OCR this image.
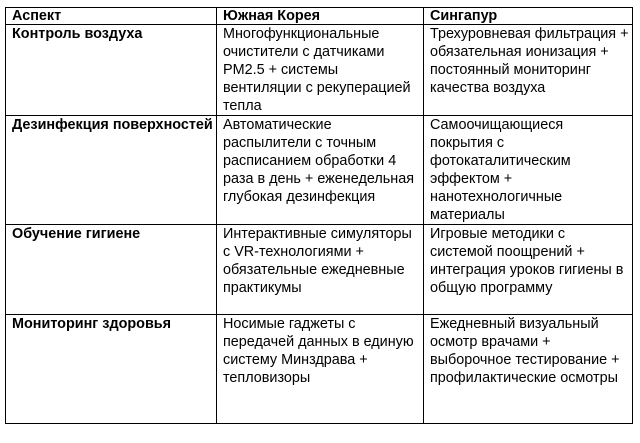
Аспект	Южная Корея	Сингапур
Контроль воздуха	Многофункциональные очистители с датчиками PM2.5 + системы вентиляции с рекуперацией тепла	Трехуровневая фильтрация + обязательная ионизация + постоянный мониторинг качества воздуха
Дезинфекция поверхностей	Автоматические распылители с точным расписанием обработки 4 раза в день + еженедельная глубокая дезинфекция	Самоочищающиеся покрытия с фотокаталитическим эффектом + нанотехнологичные материалы
Обучение гигиене	Интерактивные симуляторы с VR-технологиями + обязательные ежедневные практикумы	Игровые методики с системой поощрений + интеграция уроков гигиены в общую программу
Мониторинг здоровья	Носимые гаджеты с передачей данных в единую систему Минздрава + тепловизоры	Ежедневный визуальный осмотр врачами + выборочное тестирование + профилактические осмотры
